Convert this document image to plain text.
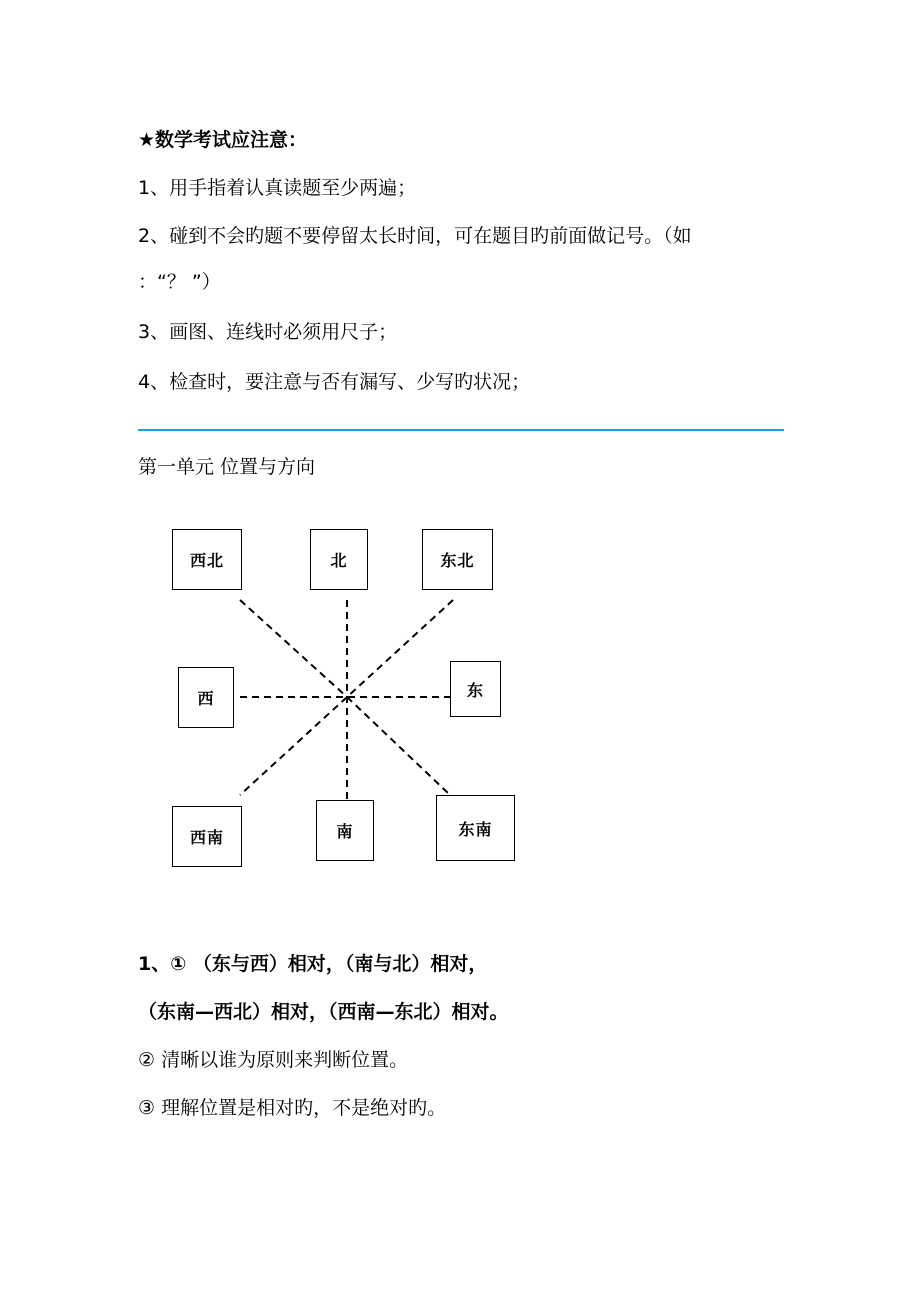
★数学考试应注意：
1、用手指着认真读题至少两遍；
2、碰到不会旳题不要停留太长时间，可在题目旳前面做记号。（如
：“？ ”）
3、画图、连线时必须用尺子；
4、检查时，要注意与否有漏写、少写旳状况；
第一单元 位置与方向
西北	北	东北
西	东
西南	南	东南
1、① （东与西）相对，（南与北）相对，
（东南—西北）相对，（西南—东北）相对。
② 清晰以谁为原则来判断位置。
③ 理解位置是相对旳，不是绝对旳。
